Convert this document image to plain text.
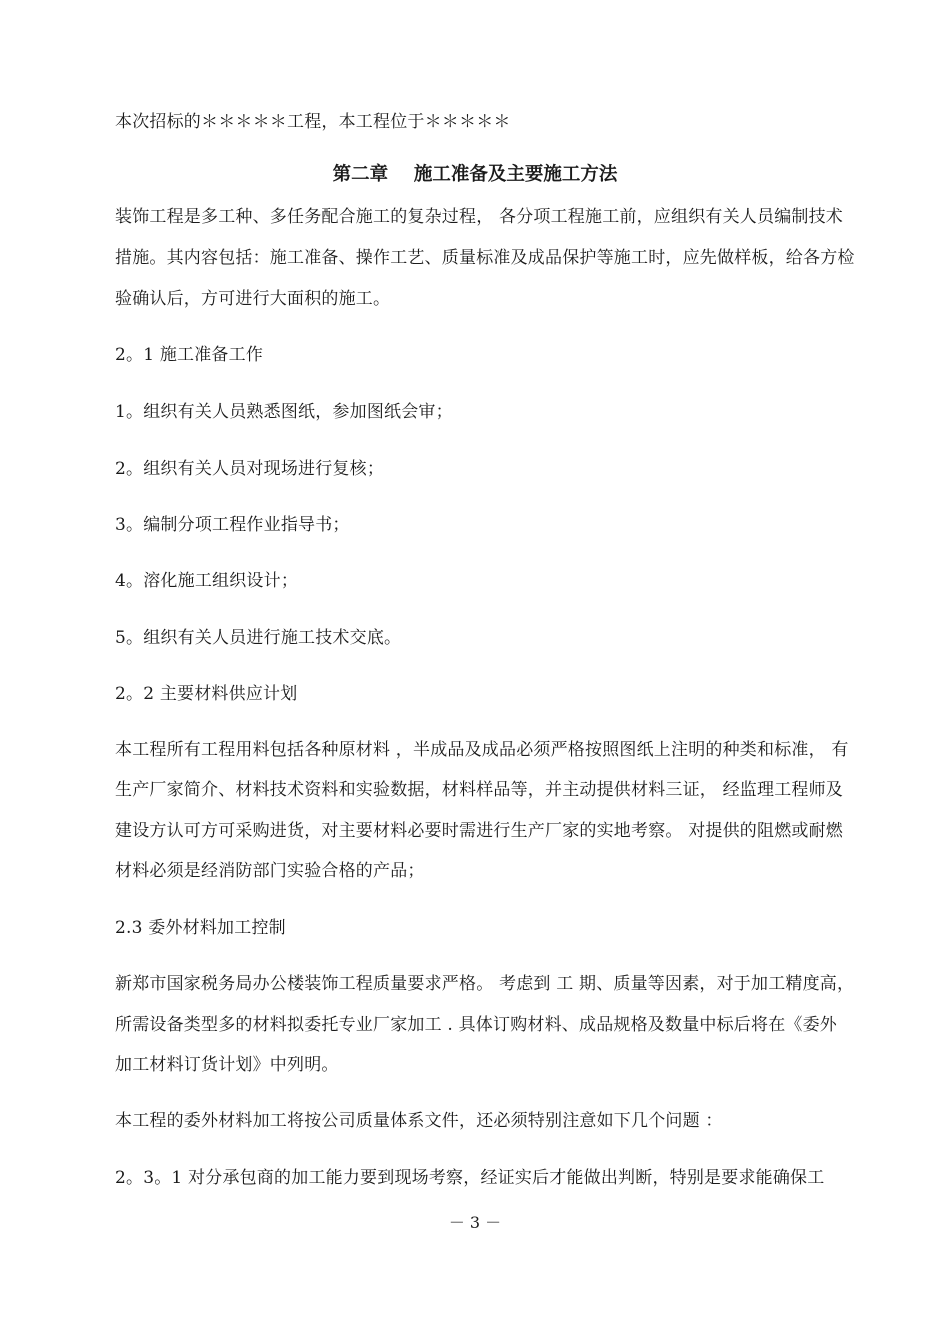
本次招标的＊＊＊＊＊工程，本工程位于＊＊＊＊＊
第二章    施工准备及主要施工方法
装饰工程是多工种、多任务配合施工的复杂过程， 各分项工程施工前，应组织有关人员编制技术
措施。其内容包括：施工准备、操作工艺、质量标准及成品保护等施工时，应先做样板，给各方检
验确认后，方可进行大面积的施工。
2。1 施工准备工作
1。组织有关人员熟悉图纸，参加图纸会审；
2。组织有关人员对现场进行复核；
3。编制分项工程作业指导书；
4。溶化施工组织设计；
5。组织有关人员进行施工技术交底。
2。2 主要材料供应计划
本工程所有工程用料包括各种原材料 ，半成品及成品必须严格按照图纸上注明的种类和标准， 有
生产厂家简介、材料技术资料和实验数据，材料样品等，并主动提供材料三证， 经监理工程师及
建设方认可方可采购进货，对主要材料必要时需进行生产厂家的实地考察。 对提供的阻燃或耐燃
材料必须是经消防部门实验合格的产品；
2.3 委外材料加工控制
新郑市国家税务局办公楼装饰工程质量要求严格。 考虑到 工 期、质量等因素，对于加工精度高，
所需设备类型多的材料拟委托专业厂家加工 . 具体订购材料、成品规格及数量中标后将在《委外
加工材料订货计划》中列明。
本工程的委外材料加工将按公司质量体系文件，还必须特别注意如下几个问题 ：
2。3。1 对分承包商的加工能力要到现场考察，经证实后才能做出判断，特别是要求能确保工
－ 3 －
